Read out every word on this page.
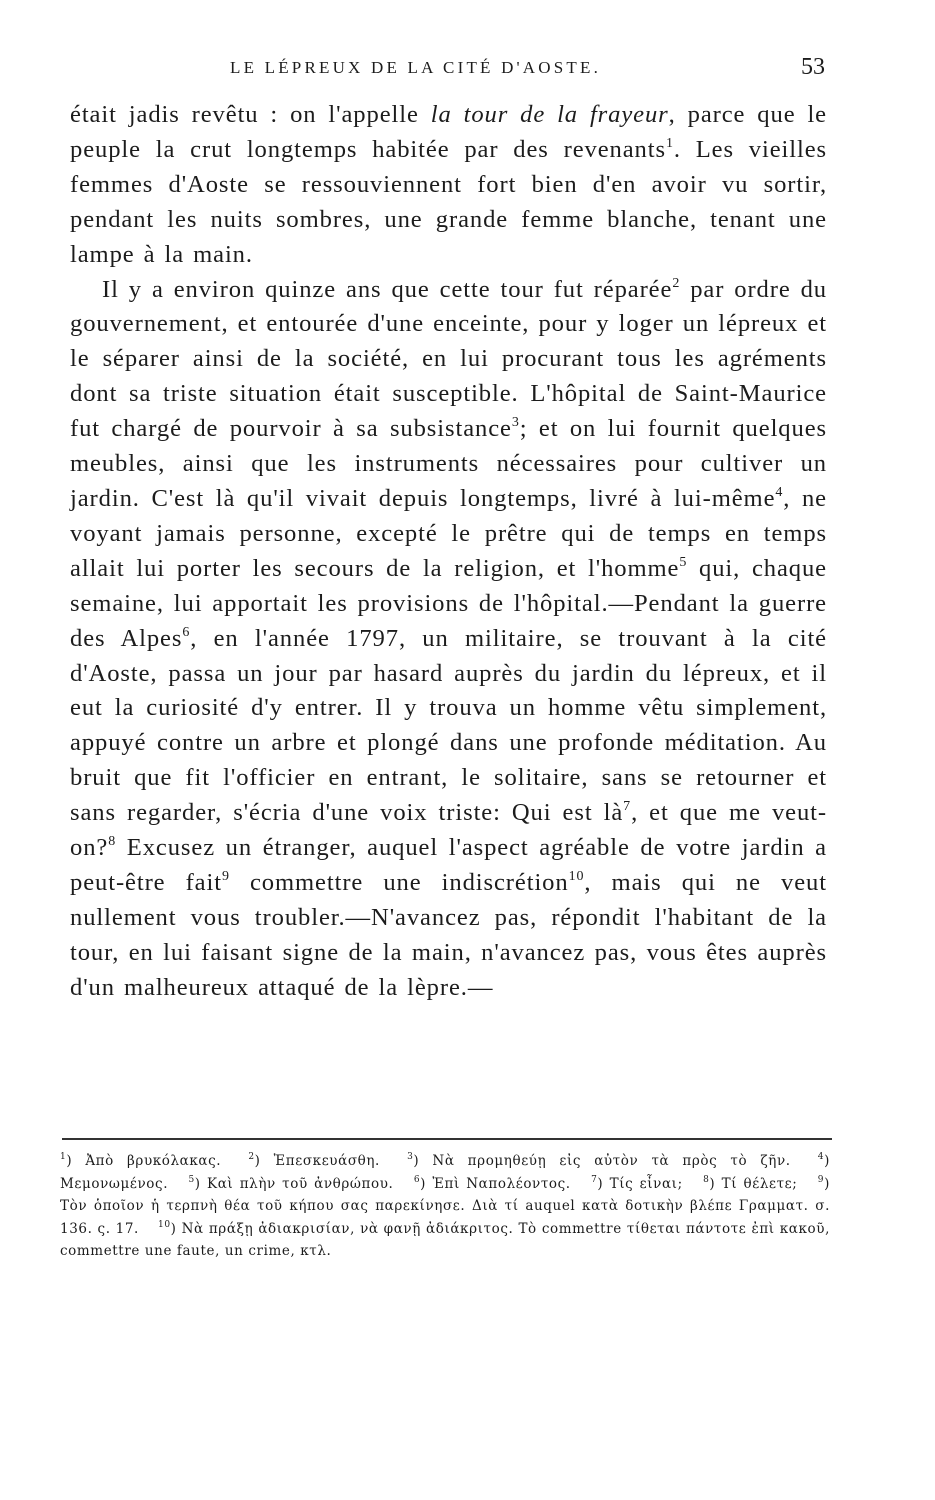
LE LÉPREUX DE LA CITÉ D'AOSTE.	53

était jadis revêtu : on l'appelle la tour de la frayeur, parce que le peuple la crut longtemps habitée par des revenants$^1$. Les vieilles femmes d'Aoste se ressouviennent fort bien d'en avoir vu sortir, pendant les nuits sombres, une grande femme blanche, tenant une lampe à la main.

Il y a environ quinze ans que cette tour fut réparée$^2$ par ordre du gouvernement, et entourée d'une enceinte, pour y loger un lépreux et le séparer ainsi de la société, en lui procurant tous les agréments dont sa triste situation était susceptible. L'hôpital de Saint-Maurice fut chargé de pourvoir à sa subsistance$^3$; et on lui fournit quelques meubles, ainsi que les instruments nécessaires pour cultiver un jardin. C'est là qu'il vivait depuis longtemps, livré à lui-même$^4$, ne voyant jamais personne, excepté le prêtre qui de temps en temps allait lui porter les secours de la religion, et l'homme$^5$ qui, chaque semaine, lui apportait les provisions de l'hôpital.—Pendant la guerre des Alpes$^6$, en l'année 1797, un militaire, se trouvant à la cité d'Aoste, passa un jour par hasard auprès du jardin du lépreux, et il eut la curiosité d'y entrer. Il y trouva un homme vêtu simplement, appuyé contre un arbre et plongé dans une profonde méditation. Au bruit que fit l'officier en entrant, le solitaire, sans se retourner et sans regarder, s'écria d'une voix triste: Qui est $là^7$, et que me veut-on?$^8$ Excusez un étranger, auquel l'aspect agréable de votre jardin a peut-être fait$^9$ commettre une indiscrétion$^{10}$, mais qui ne veut nullement vous troubler.—N'avancez pas, répondit l'habitant de la tour, en lui faisant signe de la main, n'avancez pas, vous êtes auprès d'un malheureux attaqué de la lèpre.—

$^1$) Ἀπὸ βρυκόλακας.	$^2$) Ἐπεσκευάσθη.	$^3$) Νὰ προμηθεύῃ εἰς αὐτὸν τὰ πρὸς τὸ ζῆν.	$^4$) Μεμονωμένος. $^5$) Καὶ πλὴν τοῦ ἀνθρώπου. $^6$) Ἐπὶ Ναπολέοντος. $^7$) Τίς εἶναι; $^8$) Τί θέλετε; $^9$) Τὸν ὁποῖον ἡ τερπνὴ θέα τοῦ κήπου σας παρεκίνησε. Διὰ τί auquel κατὰ δοτικὴν βλέπε Γραμματ. σ. 136. ς. 17. $^{10}$) Νὰ πράξῃ ἀδιακρισίαν, νὰ φανῇ ἀδιάκριτος. Τὸ commettre τίθεται πάντοτε ἐπὶ κακοῦ, commettre une faute, un crime, κτλ.
